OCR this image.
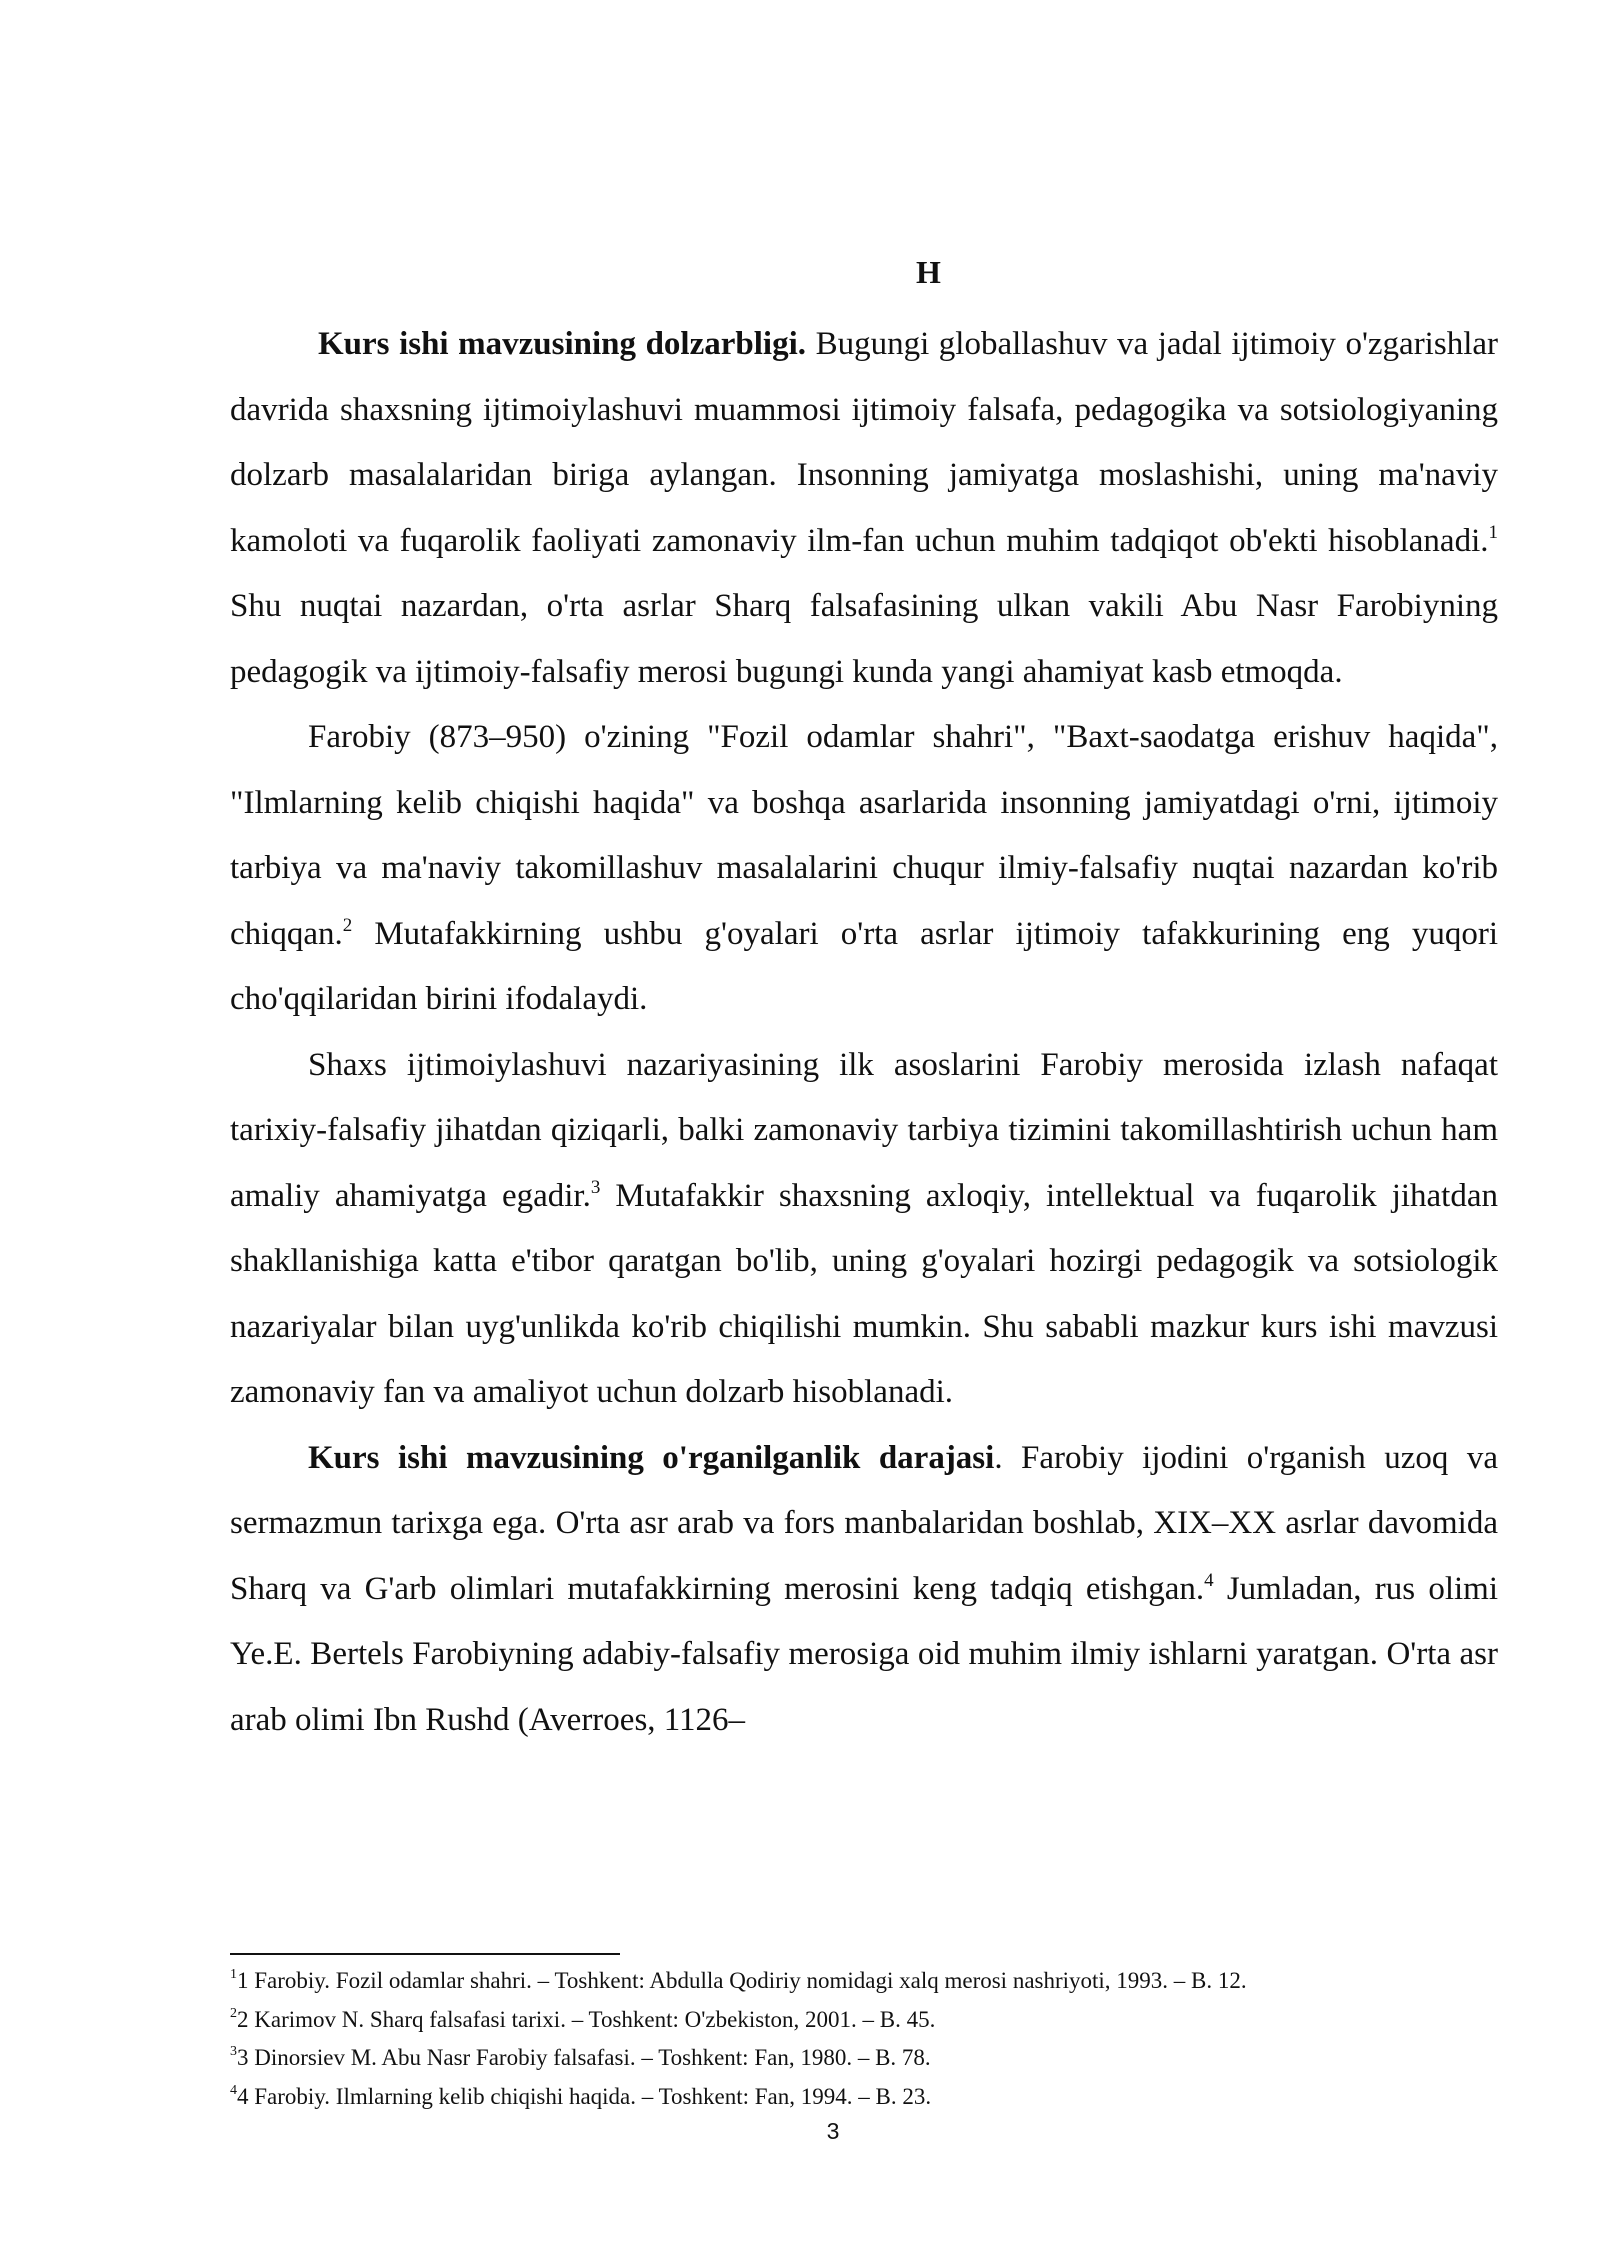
H

Kurs ishi mavzusining dolzarbligi. Bugungi globallashuv va jadal ijtimoiy o'zgarishlar davrida shaxsning ijtimoiylashuvi muammosi ijtimoiy falsafa, pedagogika va sotsiologiyaning dolzarb masalalaridan biriga aylangan. Insonning jamiyatga moslashishi, uning ma'naviy kamoloti va fuqarolik faoliyati zamonaviy ilm-fan uchun muhim tadqiqot ob'ekti hisoblanadi.$^1$ Shu nuqtai nazardan, o'rta asrlar Sharq falsafasining ulkan vakili Abu Nasr Farobiyning pedagogik va ijtimoiy-falsafiy merosi bugungi kunda yangi ahamiyat kasb etmoqda.

Farobiy (873–950) o'zining "Fozil odamlar shahri", "Baxt-saodatga erishuv haqida", "Ilmlarning kelib chiqishi haqida" va boshqa asarlarida insonning jamiyatdagi o'rni, ijtimoiy tarbiya va ma'naviy takomillashuv masalalarini chuqur ilmiy-falsafiy nuqtai nazardan ko'rib chiqqan.$^2$ Mutafakkirning ushbu g'oyalari o'rta asrlar ijtimoiy tafakkurining eng yuqori cho'qqilaridan birini ifodalaydi.

Shaxs ijtimoiylashuvi nazariyasining ilk asoslarini Farobiy merosida izlash nafaqat tarixiy-falsafiy jihatdan qiziqarli, balki zamonaviy tarbiya tizimini takomillashtirish uchun ham amaliy ahamiyatga egadir.$^3$ Mutafakkir shaxsning axloqiy, intellektual va fuqarolik jihatdan shakllanishiga katta e'tibor qaratgan bo'lib, uning g'oyalari hozirgi pedagogik va sotsiologik nazariyalar bilan uyg'unlikda ko'rib chiqilishi mumkin. Shu sababli mazkur kurs ishi mavzusi zamonaviy fan va amaliyot uchun dolzarb hisoblanadi.

Kurs ishi mavzusining o'rganilganlik darajasi. Farobiy ijodini o'rganish uzoq va sermazmun tarixga ega. O'rta asr arab va fors manbalaridan boshlab, XIX–XX asrlar davomida Sharq va G'arb olimlari mutafakkirning merosini keng tadqiq etishgan.$^4$ Jumladan, rus olimi Ye.E. Bertels Farobiyning adabiy-falsafiy merosiga oid muhim ilmiy ishlarni yaratgan. O'rta asr arab olimi Ibn Rushd (Averroes, 1126–

$^1$1 Farobiy. Fozil odamlar shahri. – Toshkent: Abdulla Qodiriy nomidagi xalq merosi nashriyoti, 1993. – B. 12.

$^2$2 Karimov N. Sharq falsafasi tarixi. – Toshkent: O'zbekiston, 2001. – B. 45.

$^3$3 Dinorsiev M. Abu Nasr Farobiy falsafasi. – Toshkent: Fan, 1980. – B. 78.

$^4$4 Farobiy. Ilmlarning kelib chiqishi haqida. – Toshkent: Fan, 1994. – B. 23.

3
